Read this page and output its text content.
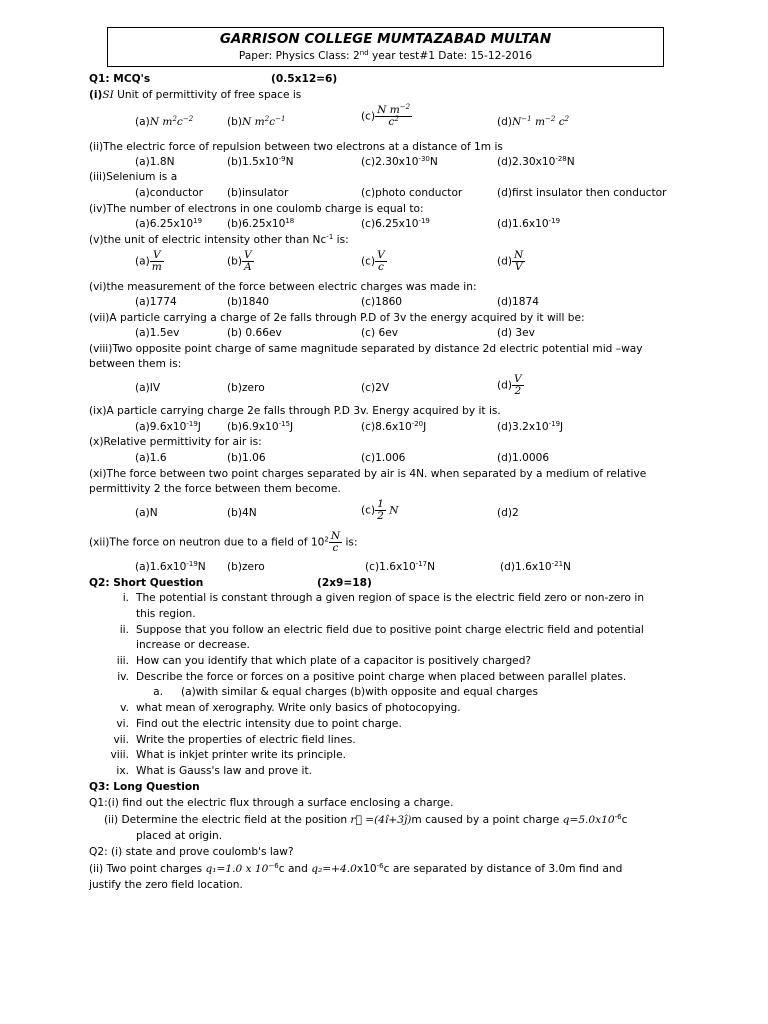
GARRISON COLLEGE MUMTAZABAD MULTAN
Paper: Physics Class: 2nd year test#1 Date: 15-12-2016
Q1: MCQ's	(0.5x12=6)
(i)SI Unit of permittivity of free space is
(a)N $m^2c^{-2}$	(b)N $m^2c^{-1}$	$(c) \frac{N m^{-2}}{c^2}$	$(d)N^{-1}$ $m^{-2}$ $c^2$
(ii)The electric force of repulsion between two electrons at a distance of 1m is
(a)1.8N	$(b)1.5x10^{-9}N$	$(c)2.30x10^{-30}N$	$(d)2.30x10^{-28}N$
(iii)Selenium is a
(a)conductor (b)insulator	(c)photo conductor	(d)first insulator then conductor
(iv)The number of electrons in one coulomb charge is equal to:
$(a)6.25x10^{19}$ $(b)6.25x10^{18}$	$(c)6.25x10^{-19}$	$(d)1.6x10^{-19}$
(v)the unit of electric intensity other than $Nc^{-1}$ is:
$(a) \frac{V}{m}$	$(b) \frac{V}{A}$	$(c) \frac{V}{c}$	$(d) \frac{N}{V}$
(vi)the measurement of the force between electric charges was made in:
(a)1774	(b)1840	(c)1860	(d)1874
(vii)A particle carrying a charge of 2e falls through P.D of 3v the energy acquired by it will be:
(a)1.5ev	(b) 0.66ev	(c) 6ev	(d) 3ev
(viii)Two opposite point charge of same magnitude separated by distance 2d electric potential mid –way
between them is:
(a)IV	(b)zero	(c)2V	$(d) \frac{V}{2}$
(ix)A particle carrying charge 2e falls through P.D 3v. Energy acquired by it is.
$(a)9.6x10^{-19}J$ $(b)6.9x10^{-15}J$	$(c)8.6x10^{-20}J$	$(d)3.2x10^{-19}J$
(x)Relative permittivity for air is:
(a)1.6	(b)1.06	(c)1.006	(d)1.0006
(xi)The force between two point charges separated by air is 4N. when separated by a medium of relative
permittivity 2 the force between them become.
(a)N	(b)4N	$(c) \frac{1}{2}$ N	(d)2
(xii)The force on neutron due to a field of $10^2 \frac{N}{c}$ is:
$(a)1.6x10^{-19}N$ (b)zero	$(c)1.6x10^{-17}N$	$(d)1.6x10^{-21}N$
Q2: Short Question	(2x9=18)
i. The potential is constant through a given region of space is the electric field zero or non-zero in
this region.
ii. Suppose that you follow an electric field due to positive point charge electric field and potential
increase or decrease.
iii. How can you identify that which plate of a capacitor is positively charged?
iv. Describe the force or forces on a positive point charge when placed between parallel plates.
a. (a)with similar & equal charges (b)with opposite and equal charges
v. what mean of xerography. Write only basics of photocopying.
vi. Find out the electric intensity due to point charge.
vii. Write the properties of electric field lines.
viii. What is inkjet printer write its principle.
ix. What is Gauss's law and prove it.
Q3: Long Question
Q1:(i) find out the electric flux through a surface enclosing a charge.
(ii) Determine the electric field at the position r⃗ =(4î+3ĵ)m caused by a point charge $q=5.0x10^{-6}c$
placed at origin.
Q2: (i) state and prove coulomb's law?
(ii) Two point charges q₁=1.0 x $10^{-6}c$ and $q_2=+4.0x10^{-6}c$ are separated by distance of 3.0m find and
justify the zero field location.
